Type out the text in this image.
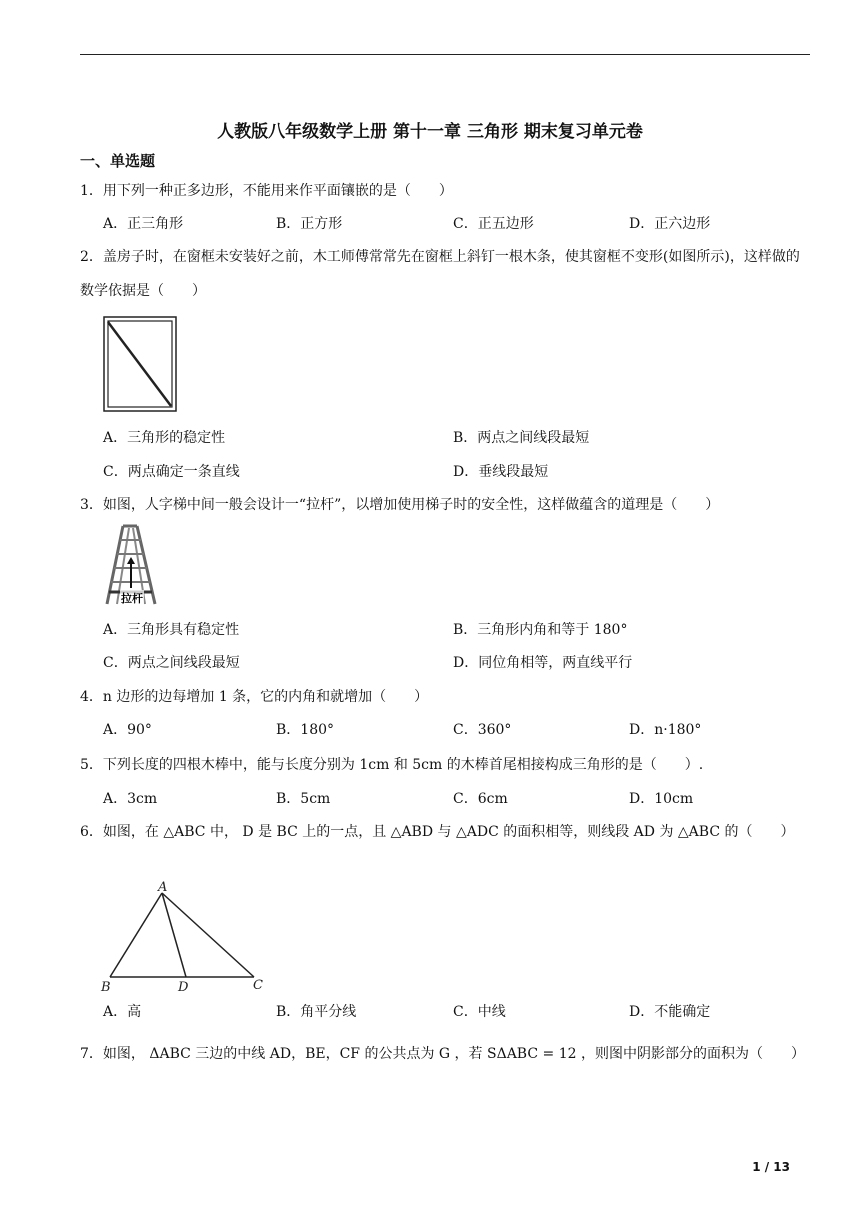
人教版八年级数学上册 第十一章 三角形 期末复习单元卷
一、单选题
1．用下列一种正多边形，不能用来作平面镶嵌的是（　　）
A．正三角形	B．正方形	C．正五边形	D．正六边形
2．盖房子时，在窗框未安装好之前，木工师傅常常先在窗框上斜钉一根木条，使其窗框不变形(如图所示)，这样做的数学依据是（　　）
A．三角形的稳定性	B．两点之间线段最短
C．两点确定一条直线	D．垂线段最短
3．如图，人字梯中间一般会设计一“拉杆”，以增加使用梯子时的安全性，这样做蕴含的道理是（　　）
拉杆
A．三角形具有稳定性	B．三角形内角和等于 180°
C．两点之间线段最短	D．同位角相等，两直线平行
4．n 边形的边每增加 1 条，它的内角和就增加（　　）
A．90°	B．180°	C．360°	D．n·180°
5．下列长度的四根木棒中，能与长度分别为 1cm 和 5cm 的木棒首尾相接构成三角形的是（　　）.
A．3cm	B．5cm	C．6cm	D．10cm
6．如图，在 △ABC 中， D 是 BC 上的一点，且 △ABD 与 △ADC 的面积相等，则线段 AD 为 △ABC 的（　　）
A
B	D	C
A．高	B．角平分线	C．中线	D．不能确定
7．如图， ΔABC 三边的中线 AD，BE，CF 的公共点为 G ，若 SΔABC = 12 ，则图中阴影部分的面积为（　　）
1 / 13
